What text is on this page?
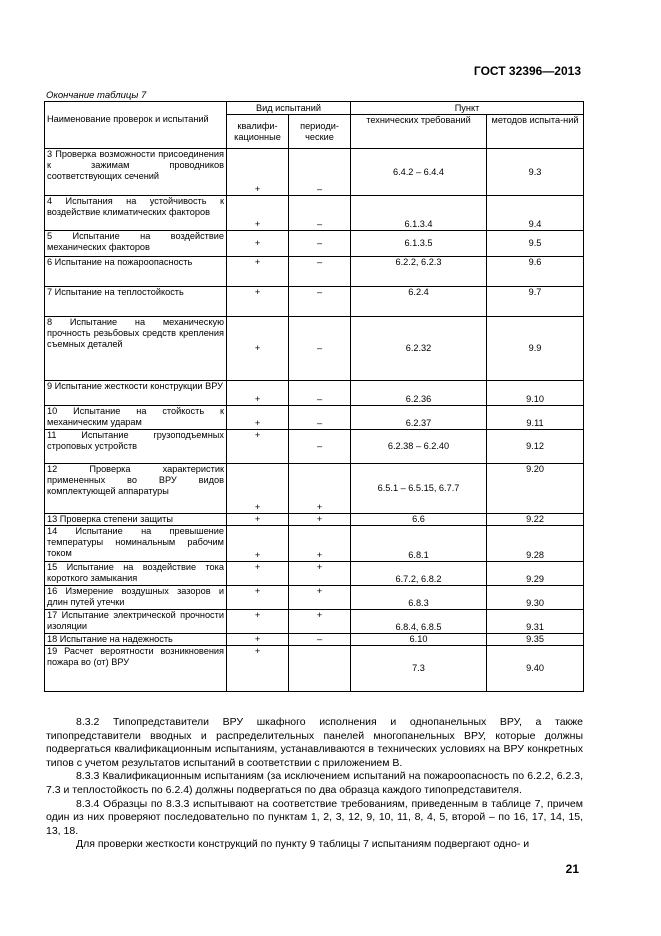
ГОСТ 32396—2013
Окончание таблицы 7
Наименование проверок и испытаний	Вид испытаний		Пункт	
	квалифи-кационные	периоди-ческие	технических требований	методов испыта-ний
3 Проверка возможности присоединения к зажимам проводников соответствующих сечений	+	–	6.4.2 – 6.4.4	9.3
4 Испытания на устойчивость к воздействие климатических факторов	+	–	6.1.3.4	9.4
5 Испытание на воздействие механических факторов	+	–	6.1.3.5	9.5
6 Испытание на пожароопасность	+	–	6.2.2, 6.2.3	9.6
7 Испытание на теплостойкость	+	–	6.2.4	9.7
8 Испытание на механическую прочность резьбовых средств крепления съемных деталей	+	–	6.2.32	9.9
9 Испытание жесткости конструкции ВРУ	+	–	6.2.36	9.10
10 Испытание на стойкость к механическим ударам	+	–	6.2.37	9.11
11 Испытание грузоподъемных строповых устройств	+	–	6.2.38 – 6.2.40	9.12
12 Проверка характеристик примененных во ВРУ видов комплектующей аппаратуры	+	+	6.5.1 – 6.5.15, 6.7.7	9.20
13 Проверка степени защиты	+	+	6.6	9.22
14 Испытание на превышение температуры номинальным рабочим током	+	+	6.8.1	9.28
15 Испытание на воздействие тока короткого замыкания	+	+	6.7.2, 6.8.2	9.29
16 Измерение воздушных зазоров и длин путей утечки	+	+	6.8.3	9.30
17 Испытание электрической прочности изоляции	+	+	6.8.4, 6.8.5	9.31
18 Испытание на надежность	+	–	6.10	9.35
19 Расчет вероятности возникновения пожара во (от) ВРУ	+		7.3	9.40

8.3.2 Типопредставители ВРУ шкафного исполнения и однопанельных ВРУ, а также типопредставители вводных и распределительных панелей многопанельных ВРУ, которые должны подвергаться квалификационным испытаниям, устанавливаются в технических условиях на ВРУ конкретных типов с учетом результатов испытаний в соответствии с приложением В.

8.3.3 Квалификационным испытаниям (за исключением испытаний на пожароопасность по 6.2.2, 6.2.3, 7.3 и теплостойкость по 6.2.4) должны подвергаться по два образца каждого типопредставителя.

8.3.4 Образцы по 8.3.3 испытывают на соответствие требованиям, приведенным в таблице 7, причем один из них проверяют последовательно по пунктам 1, 2, 3, 12, 9, 10, 11, 8, 4, 5, второй – по 16, 17, 14, 15, 13, 18.

Для проверки жесткости конструкций по пункту 9 таблицы 7 испытаниям подвергают одно- и

21
